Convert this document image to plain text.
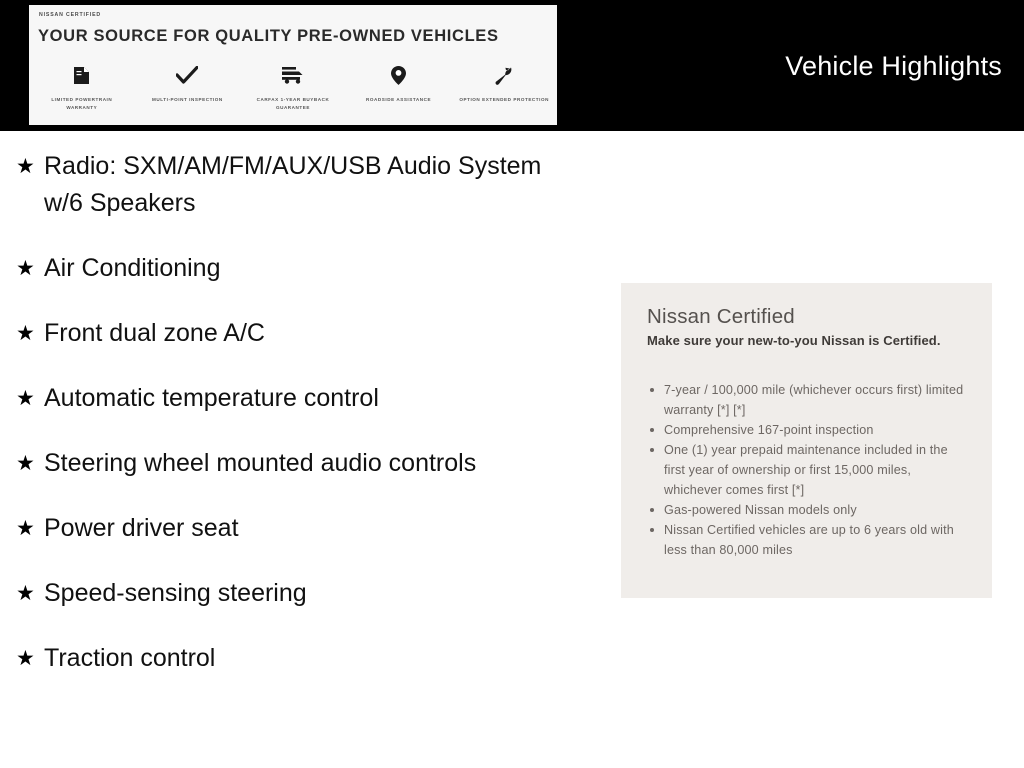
NISSAN CERTIFIED
YOUR SOURCE FOR QUALITY PRE-OWNED VEHICLES
LIMITED POWERTRAIN WARRANTY
MULTI-POINT INSPECTION	CARFAX 1-YEAR BUYBACK GUARANTEE
ROADSIDE ASSISTANCE	OPTION EXTENDED PROTECTION
Vehicle Highlights
★ Radio: SXM/AM/FM/AUX/USB Audio System w/6 Speakers
★ Air Conditioning
★ Front dual zone A/C
★ Automatic temperature control
★ Steering wheel mounted audio controls
★ Power driver seat
★ Speed-sensing steering
★ Traction control
Nissan Certified
Make sure your new-to-you Nissan is Certified.
7-year / 100,000 mile (whichever occurs first) limited warranty [*] [*]
Comprehensive 167-point inspection
One (1) year prepaid maintenance included in the first year of ownership or first 15,000 miles, whichever comes first [*]
Gas-powered Nissan models only
Nissan Certified vehicles are up to 6 years old with less than 80,000 miles
